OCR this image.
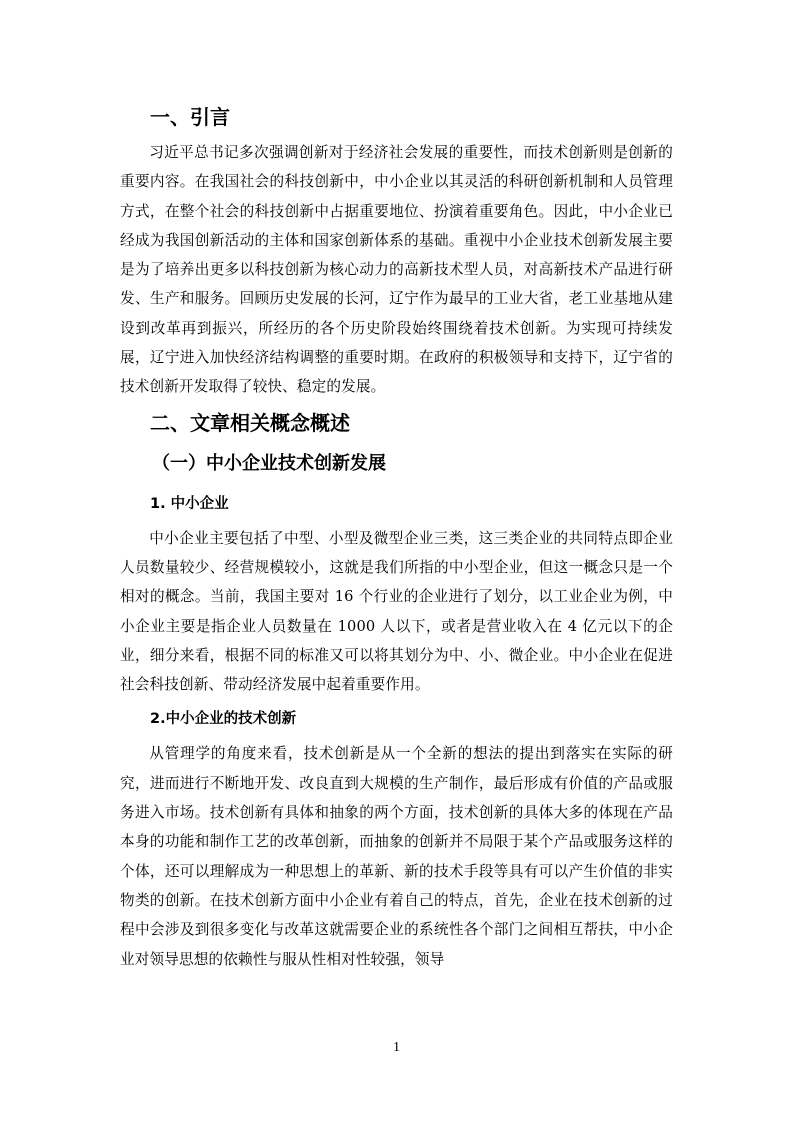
一、引言

习近平总书记多次强调创新对于经济社会发展的重要性，而技术创新则是创新的重要内容。在我国社会的科技创新中，中小企业以其灵活的科研创新机制和人员管理方式，在整个社会的科技创新中占据重要地位、扮演着重要角色。因此，中小企业已经成为我国创新活动的主体和国家创新体系的基础。重视中小企业技术创新发展主要是为了培养出更多以科技创新为核心动力的高新技术型人员，对高新技术产品进行研发、生产和服务。回顾历史发展的长河，辽宁作为最早的工业大省，老工业基地从建设到改革再到振兴，所经历的各个历史阶段始终围绕着技术创新。为实现可持续发展，辽宁进入加快经济结构调整的重要时期。在政府的积极领导和支持下，辽宁省的技术创新开发取得了较快、稳定的发展。

二、文章相关概念概述
（一）中小企业技术创新发展
1. 中小企业

中小企业主要包括了中型、小型及微型企业三类，这三类企业的共同特点即企业人员数量较少、经营规模较小，这就是我们所指的中小型企业，但这一概念只是一个相对的概念。当前，我国主要对 16 个行业的企业进行了划分，以工业企业为例，中小企业主要是指企业人员数量在 1000 人以下，或者是营业收入在 4 亿元以下的企业，细分来看，根据不同的标准又可以将其划分为中、小、微企业。中小企业在促进社会科技创新、带动经济发展中起着重要作用。

2.中小企业的技术创新

从管理学的角度来看，技术创新是从一个全新的想法的提出到落实在实际的研究，进而进行不断地开发、改良直到大规模的生产制作，最后形成有价值的产品或服务进入市场。技术创新有具体和抽象的两个方面，技术创新的具体大多的体现在产品本身的功能和制作工艺的改革创新，而抽象的创新并不局限于某个产品或服务这样的个体，还可以理解成为一种思想上的革新、新的技术手段等具有可以产生价值的非实物类的创新。在技术创新方面中小企业有着自己的特点，首先，企业在技术创新的过程中会涉及到很多变化与改革这就需要企业的系统性各个部门之间相互帮扶，中小企业对领导思想的依赖性与服从性相对性较强，领导

1
